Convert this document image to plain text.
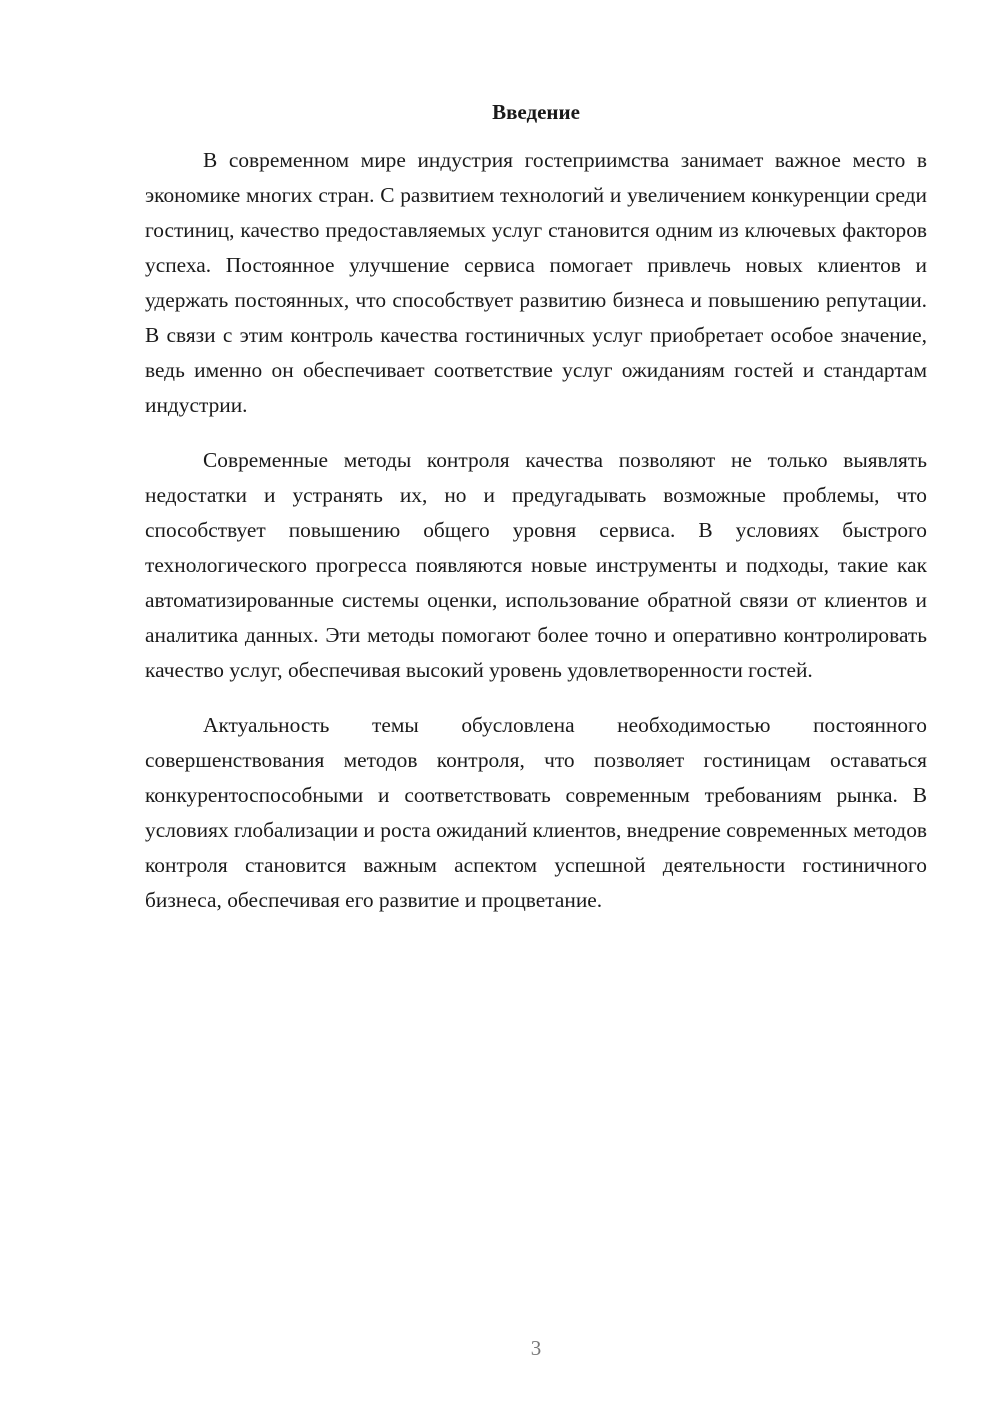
Введение

В современном мире индустрия гостеприимства занимает важное место в экономике многих стран. С развитием технологий и увеличением конкуренции среди гостиниц, качество предоставляемых услуг становится одним из ключевых факторов успеха. Постоянное улучшение сервиса помогает привлечь новых клиентов и удержать постоянных, что способствует развитию бизнеса и повышению репутации. В связи с этим контроль качества гостиничных услуг приобретает особое значение, ведь именно он обеспечивает соответствие услуг ожиданиям гостей и стандартам индустрии.

Современные методы контроля качества позволяют не только выявлять недостатки и устранять их, но и предугадывать возможные проблемы, что способствует повышению общего уровня сервиса. В условиях быстрого технологического прогресса появляются новые инструменты и подходы, такие как автоматизированные системы оценки, использование обратной связи от клиентов и аналитика данных. Эти методы помогают более точно и оперативно контролировать качество услуг, обеспечивая высокий уровень удовлетворенности гостей.

Актуальность темы обусловлена необходимостью постоянного совершенствования методов контроля, что позволяет гостиницам оставаться конкурентоспособными и соответствовать современным требованиям рынка. В условиях глобализации и роста ожиданий клиентов, внедрение современных методов контроля становится важным аспектом успешной деятельности гостиничного бизнеса, обеспечивая его развитие и процветание.

3
